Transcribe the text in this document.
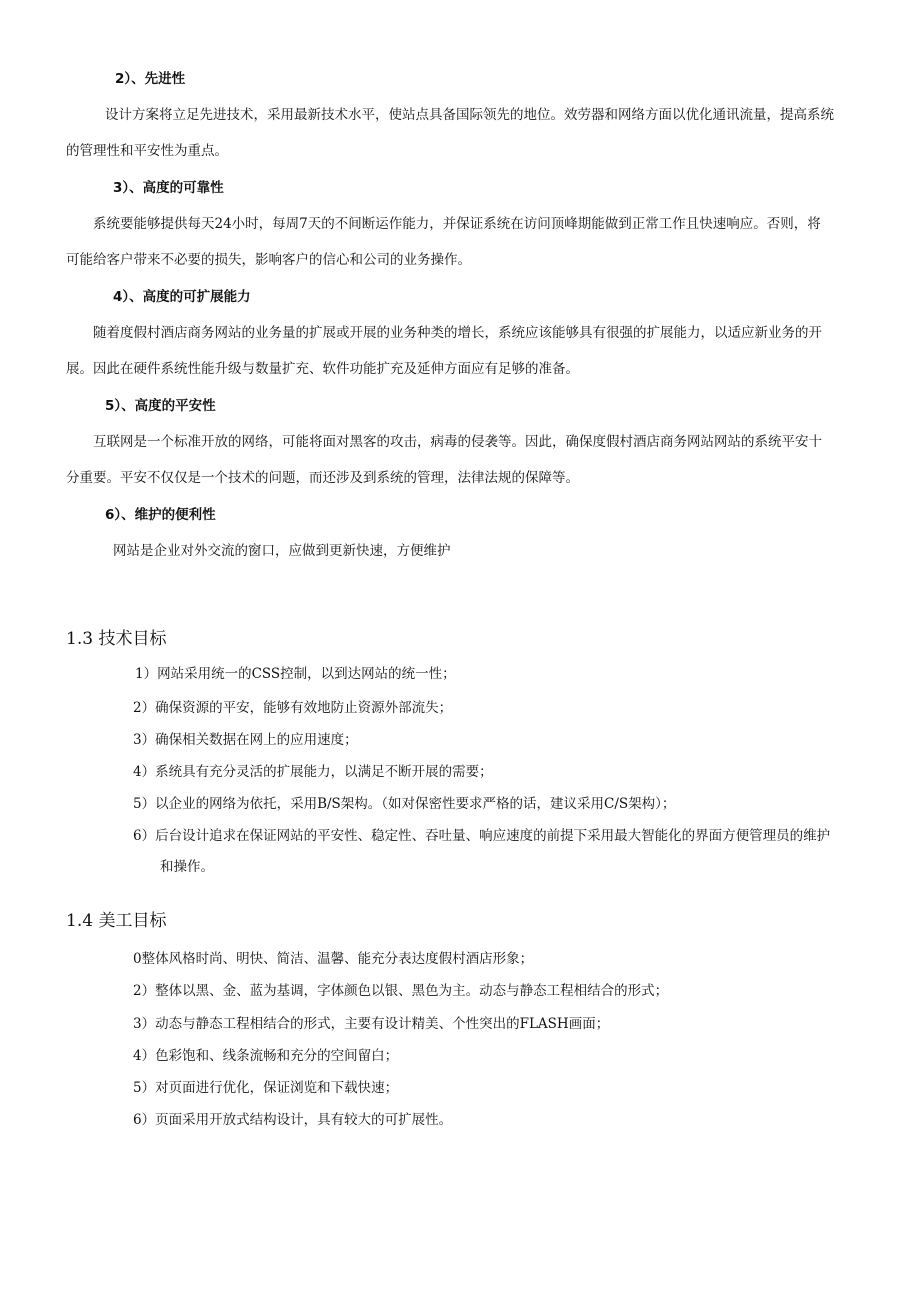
2）、先进性
设计方案将立足先进技术，采用最新技术水平，使站点具备国际领先的地位。效劳器和网络方面以优化通讯流量，提高系统
的管理性和平安性为重点。
3）、高度的可靠性
系统要能够提供每天24小时，每周7天的不间断运作能力，并保证系统在访问顶峰期能做到正常工作且快速响应。否则，将
可能给客户带来不必要的损失，影响客户的信心和公司的业务操作。
4）、高度的可扩展能力
随着度假村酒店商务网站的业务量的扩展或开展的业务种类的增长，系统应该能够具有很强的扩展能力，以适应新业务的开
展。因此在硬件系统性能升级与数量扩充、软件功能扩充及延伸方面应有足够的准备。
5）、高度的平安性
互联网是一个标准开放的网络，可能将面对黑客的攻击，病毒的侵袭等。因此，确保度假村酒店商务网站网站的系统平安十
分重要。平安不仅仅是一个技术的问题，而还涉及到系统的管理，法律法规的保障等。
6）、维护的便利性
网站是企业对外交流的窗口，应做到更新快速，方便维护
1.3 技术目标
1）网站采用统一的CSS控制，以到达网站的统一性；
2）确保资源的平安，能够有效地防止资源外部流失；
3）确保相关数据在网上的应用速度；
4）系统具有充分灵活的扩展能力，以满足不断开展的需要；
5）以企业的网络为依托，采用B/S架构。（如对保密性要求严格的话，建议采用C/S架构）；
6）后台设计追求在保证网站的平安性、稳定性、吞吐量、响应速度的前提下采用最大智能化的界面方便管理员的维护
和操作。
1.4 美工目标
0整体风格时尚、明快、简洁、温馨、能充分表达度假村酒店形象；
2）整体以黑、金、蓝为基调，字体颜色以银、黑色为主。动态与静态工程相结合的形式；
3）动态与静态工程相结合的形式，主要有设计精美、个性突出的FLASH画面；
4）色彩饱和、线条流畅和充分的空间留白；
5）对页面进行优化，保证浏览和下载快速；
6）页面采用开放式结构设计，具有较大的可扩展性。
